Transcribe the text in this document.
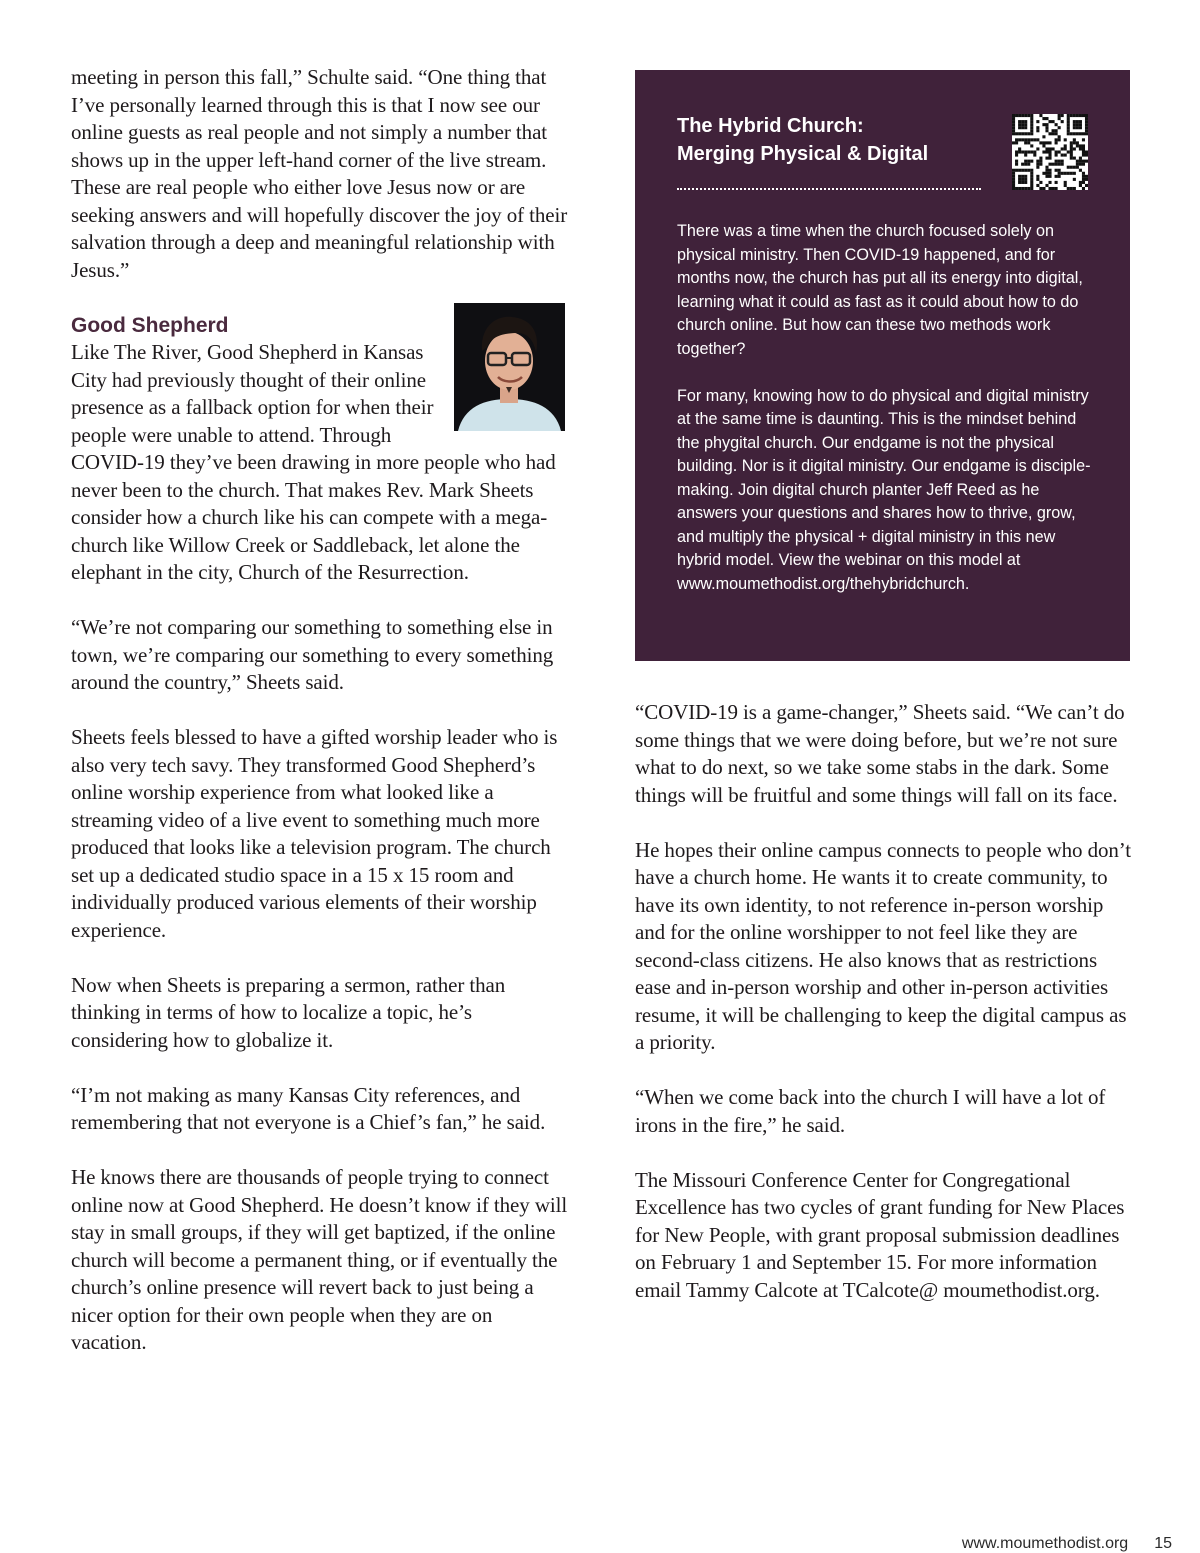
meeting in person this fall,” Schulte said. “One thing that I’ve personally learned through this is that I now see our online guests as real people and not simply a number that shows up in the upper left-hand corner of the live stream. These are real people who either love Jesus now or are seeking answers and will hopefully discover the joy of their salvation through a deep and meaningful relationship with Jesus.”

Good Shepherd

Like The River, Good Shepherd in Kansas City had previously thought of their online presence as a fallback option for when their people were unable to attend. Through COVID-19 they’ve been drawing in more people who had never been to the church. That makes Rev. Mark Sheets consider how a church like his can compete with a mega-church like Willow Creek or Saddleback, let alone the elephant in the city, Church of the Resurrection.

“We’re not comparing our something to something else in town, we’re comparing our something to every something around the country,” Sheets said.

Sheets feels blessed to have a gifted worship leader who is also very tech savy. They transformed Good Shepherd’s online worship experience from what looked like a streaming video of a live event to something much more produced that looks like a television program. The church set up a dedicated studio space in a 15 x 15 room and individually produced various elements of their worship experience.

Now when Sheets is preparing a sermon, rather than thinking in terms of how to localize a topic, he’s considering how to globalize it.

“I’m not making as many Kansas City references, and remembering that not everyone is a Chief’s fan,” he said.

He knows there are thousands of people trying to connect online now at Good Shepherd. He doesn’t know if they will stay in small groups, if they will get baptized, if the online church will become a permanent thing, or if eventually the church’s online presence will revert back to just being a nicer option for their own people when they are on vacation.

The Hybrid Church:
Merging Physical & Digital

There was a time when the church focused solely on physical ministry. Then COVID-19 happened, and for months now, the church has put all its energy into digital, learning what it could as fast as it could about how to do church online. But how can these two methods work together?

For many, knowing how to do physical and digital ministry at the same time is daunting. This is the mindset behind the phygital church. Our endgame is not the physical building. Nor is it digital ministry. Our endgame is disciple-making. Join digital church planter Jeff Reed as he answers your questions and shares how to thrive, grow, and multiply the physical + digital ministry in this new hybrid model. View the webinar on this model at www.moumethodist.org/thehybridchurch.

“COVID-19 is a game-changer,” Sheets said. “We can’t do some things that we were doing before, but we’re not sure what to do next, so we take some stabs in the dark. Some things will be fruitful and some things will fall on its face.

He hopes their online campus connects to people who don’t have a church home. He wants it to create community, to have its own identity, to not reference in-person worship and for the online worshipper to not feel like they are second-class citizens. He also knows that as restrictions ease and in-person worship and other in-person activities resume, it will be challenging to keep the digital campus as a priority.

“When we come back into the church I will have a lot of irons in the fire,” he said.

The Missouri Conference Center for Congregational Excellence has two cycles of grant funding for New Places for New People, with grant proposal submission deadlines on February 1 and September 15. For more information email Tammy Calcote at TCalcote@ moumethodist.org.

www.moumethodist.org 15
